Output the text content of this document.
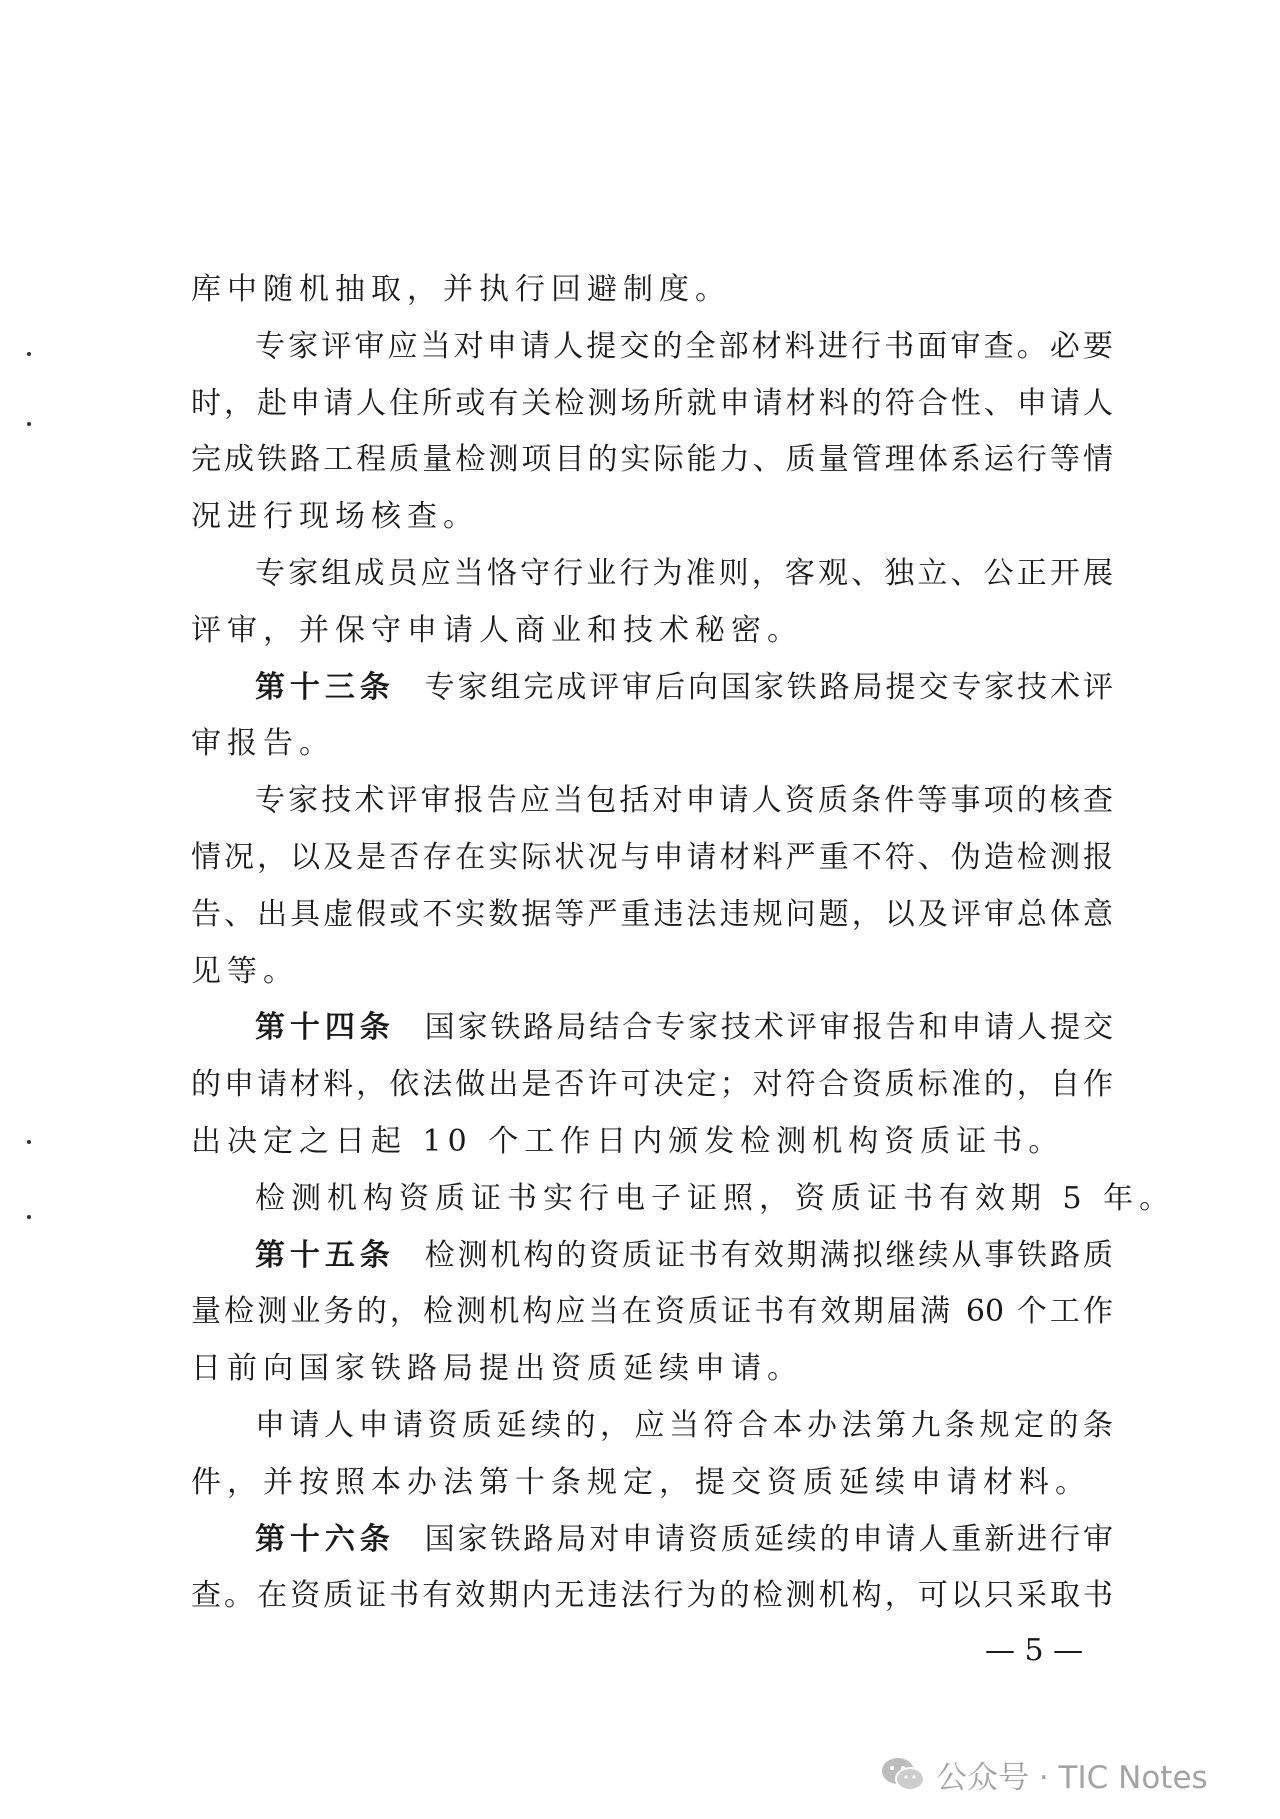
库中随机抽取，并执行回避制度。
专家评审应当对申请人提交的全部材料进行书面审查。必要
时，赴申请人住所或有关检测场所就申请材料的符合性、申请人
完成铁路工程质量检测项目的实际能力、质量管理体系运行等情
况进行现场核查。
专家组成员应当恪守行业行为准则，客观、独立、公正开展
评审，并保守申请人商业和技术秘密。
第十三条 专家组完成评审后向国家铁路局提交专家技术评
审报告。
专家技术评审报告应当包括对申请人资质条件等事项的核查
情况，以及是否存在实际状况与申请材料严重不符、伪造检测报
告、出具虚假或不实数据等严重违法违规问题，以及评审总体意
见等。
第十四条 国家铁路局结合专家技术评审报告和申请人提交
的申请材料，依法做出是否许可决定；对符合资质标准的，自作
出决定之日起 10 个工作日内颁发检测机构资质证书。
检测机构资质证书实行电子证照，资质证书有效期 5 年。
第十五条 检测机构的资质证书有效期满拟继续从事铁路质
量检测业务的，检测机构应当在资质证书有效期届满 60 个工作
日前向国家铁路局提出资质延续申请。
申请人申请资质延续的，应当符合本办法第九条规定的条
件，并按照本办法第十条规定，提交资质延续申请材料。
第十六条 国家铁路局对申请资质延续的申请人重新进行审
查。在资质证书有效期内无违法行为的检测机构，可以只采取书
— 5 —
公众号 · TIC Notes
